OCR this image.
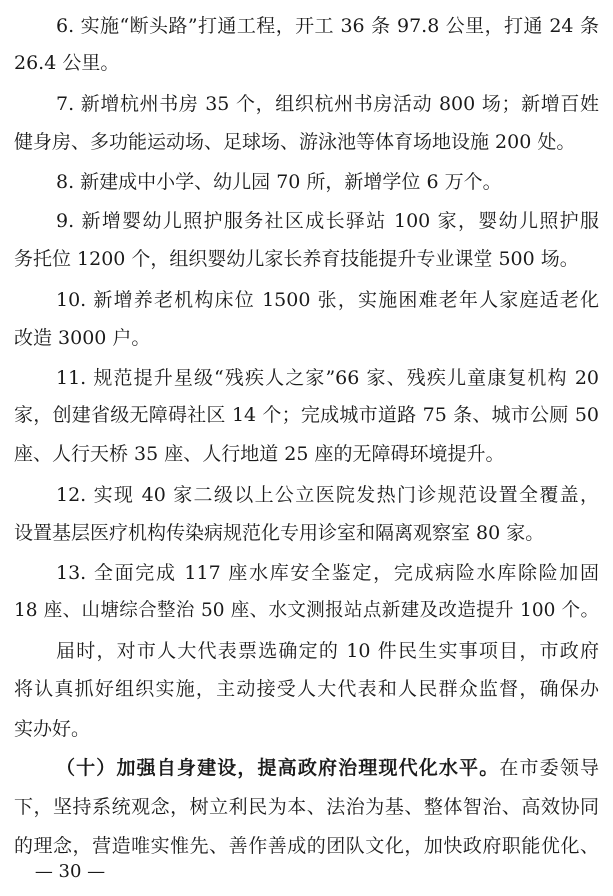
6. 实施“断头路”打通工程，开工 36 条 97.8 公里，打通 24 条
26.4 公里。
7. 新增杭州书房 35 个，组织杭州书房活动 800 场；新增百姓
健身房、多功能运动场、足球场、游泳池等体育场地设施 200 处。
8. 新建成中小学、幼儿园 70 所，新增学位 6 万个。
9. 新增婴幼儿照护服务社区成长驿站 100 家，婴幼儿照护服
务托位 1200 个，组织婴幼儿家长养育技能提升专业课堂 500 场。
10. 新增养老机构床位 1500 张，实施困难老年人家庭适老化
改造 3000 户。
11. 规范提升星级“残疾人之家”66 家、残疾儿童康复机构 20
家，创建省级无障碍社区 14 个；完成城市道路 75 条、城市公厕 50
座、人行天桥 35 座、人行地道 25 座的无障碍环境提升。
12. 实现 40 家二级以上公立医院发热门诊规范设置全覆盖，
设置基层医疗机构传染病规范化专用诊室和隔离观察室 80 家。
13. 全面完成 117 座水库安全鉴定，完成病险水库除险加固
18 座、山塘综合整治 50 座、水文测报站点新建及改造提升 100 个。
届时，对市人大代表票选确定的 10 件民生实事项目，市政府
将认真抓好组织实施，主动接受人大代表和人民群众监督，确保办
实办好。
（十）加强自身建设，提高政府治理现代化水平。在市委领导
下，坚持系统观念，树立利民为本、法治为基、整体智治、高效协同
的理念，营造唯实惟先、善作善成的团队文化，加快政府职能优化、
— 30 —
